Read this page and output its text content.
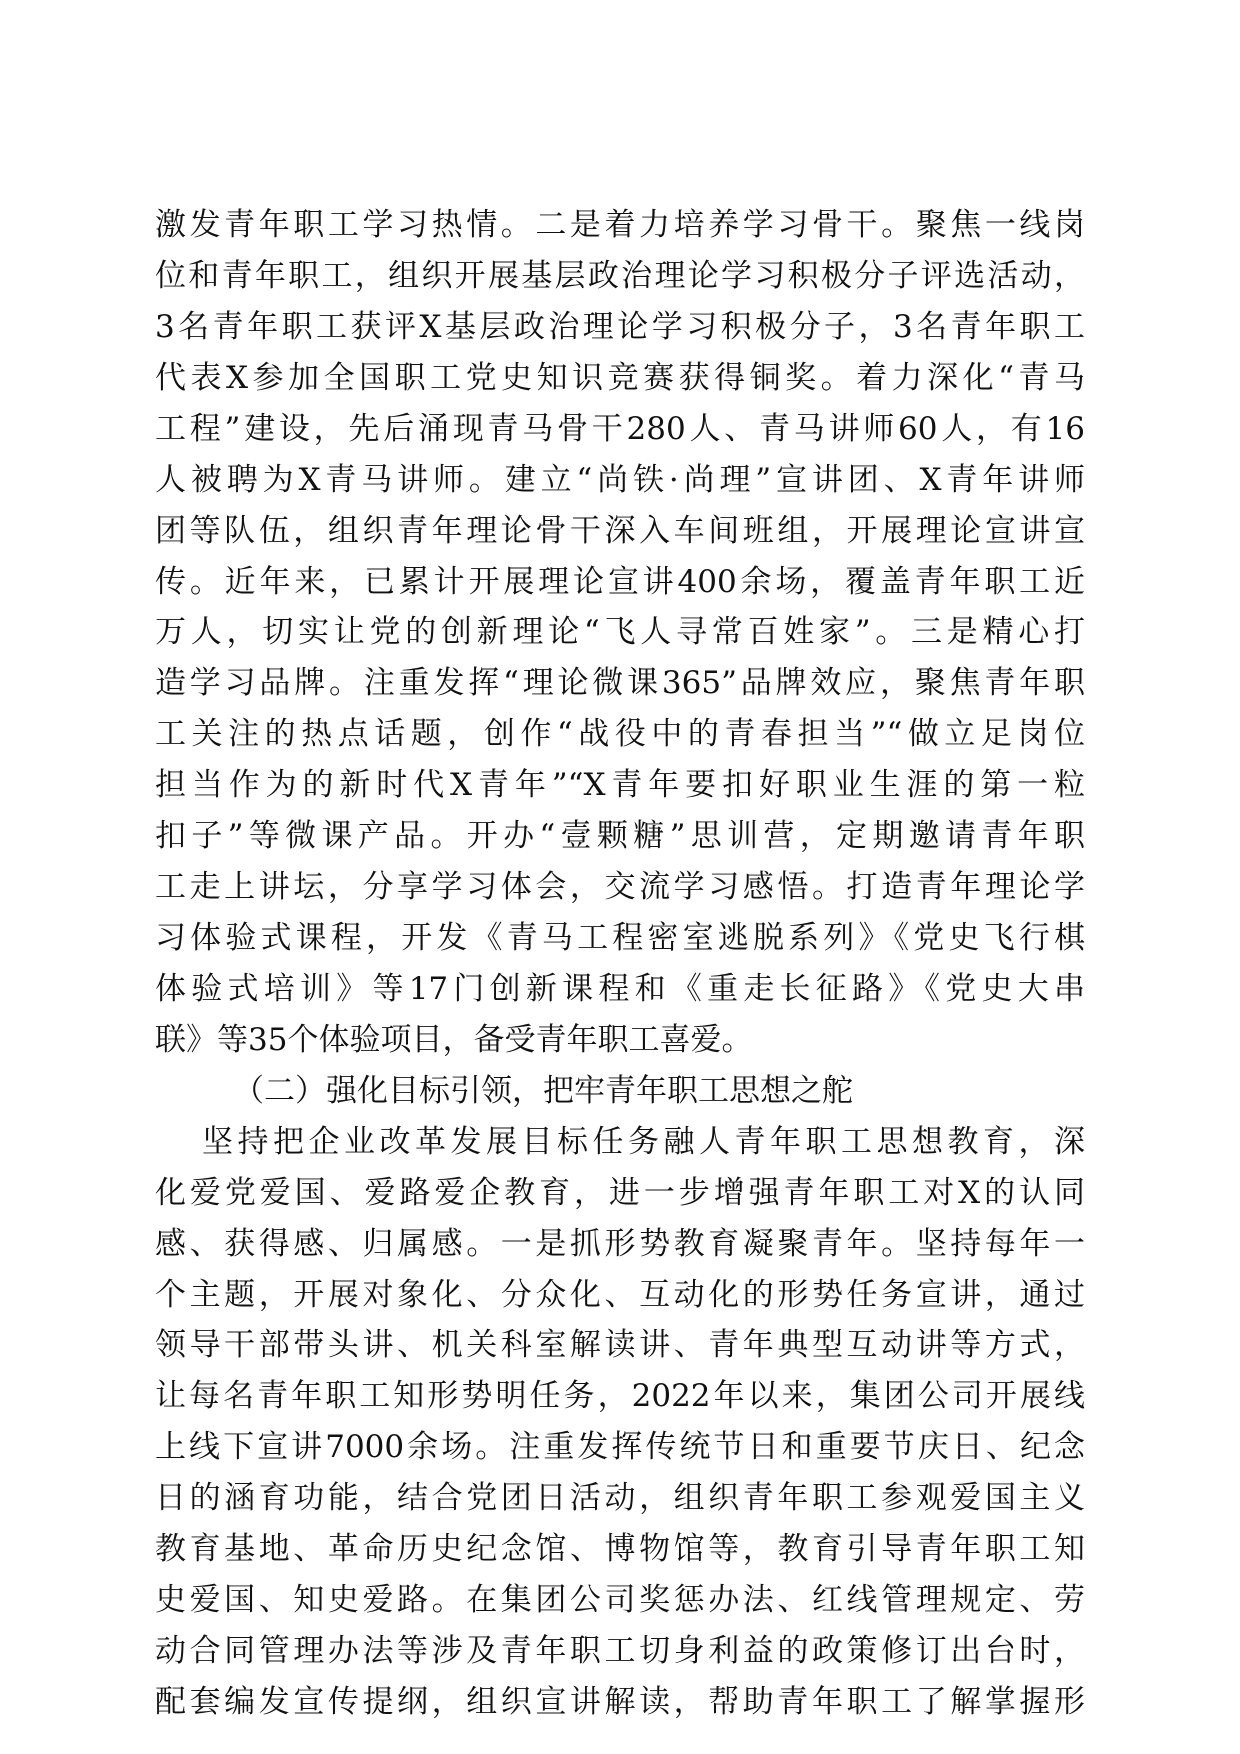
激发青年职工学习热情。二是着力培养学习骨干。聚焦一线岗
位和青年职工，组织开展基层政治理论学习积极分子评选活动，
3名青年职工获评X基层政治理论学习积极分子，3名青年职工
代表X参加全国职工党史知识竞赛获得铜奖。着力深化“青马
工程”建设，先后涌现青马骨干280人、青马讲师60人，有16
人被聘为X青马讲师。建立“尚铁·尚理”宣讲团、X青年讲师
团等队伍，组织青年理论骨干深入车间班组，开展理论宣讲宣
传。近年来，已累计开展理论宣讲400余场，覆盖青年职工近
万人，切实让党的创新理论“飞人寻常百姓家”。三是精心打
造学习品牌。注重发挥“理论微课365”品牌效应，聚焦青年职
工关注的热点话题，创作“战役中的青春担当”“做立足岗位
担当作为的新时代X青年”“X青年要扣好职业生涯的第一粒
扣子”等微课产品。开办“壹颗糖”思训营，定期邀请青年职
工走上讲坛，分享学习体会，交流学习感悟。打造青年理论学
习体验式课程，开发《青马工程密室逃脱系列》《党史飞行棋
体验式培训》等17门创新课程和《重走长征路》《党史大串
联》等35个体验项目，备受青年职工喜爱。
（二）强化目标引领，把牢青年职工思想之舵
坚持把企业改革发展目标任务融人青年职工思想教育，深
化爱党爱国、爱路爱企教育，进一步增强青年职工对X的认同
感、获得感、归属感。一是抓形势教育凝聚青年。坚持每年一
个主题，开展对象化、分众化、互动化的形势任务宣讲，通过
领导干部带头讲、机关科室解读讲、青年典型互动讲等方式，
让每名青年职工知形势明任务，2022年以来，集团公司开展线
上线下宣讲7000余场。注重发挥传统节日和重要节庆日、纪念
日的涵育功能，结合党团日活动，组织青年职工参观爱国主义
教育基地、革命历史纪念馆、博物馆等，教育引导青年职工知
史爱国、知史爱路。在集团公司奖惩办法、红线管理规定、劳
动合同管理办法等涉及青年职工切身利益的政策修订出台时，
配套编发宣传提纲，组织宣讲解读，帮助青年职工了解掌握形
